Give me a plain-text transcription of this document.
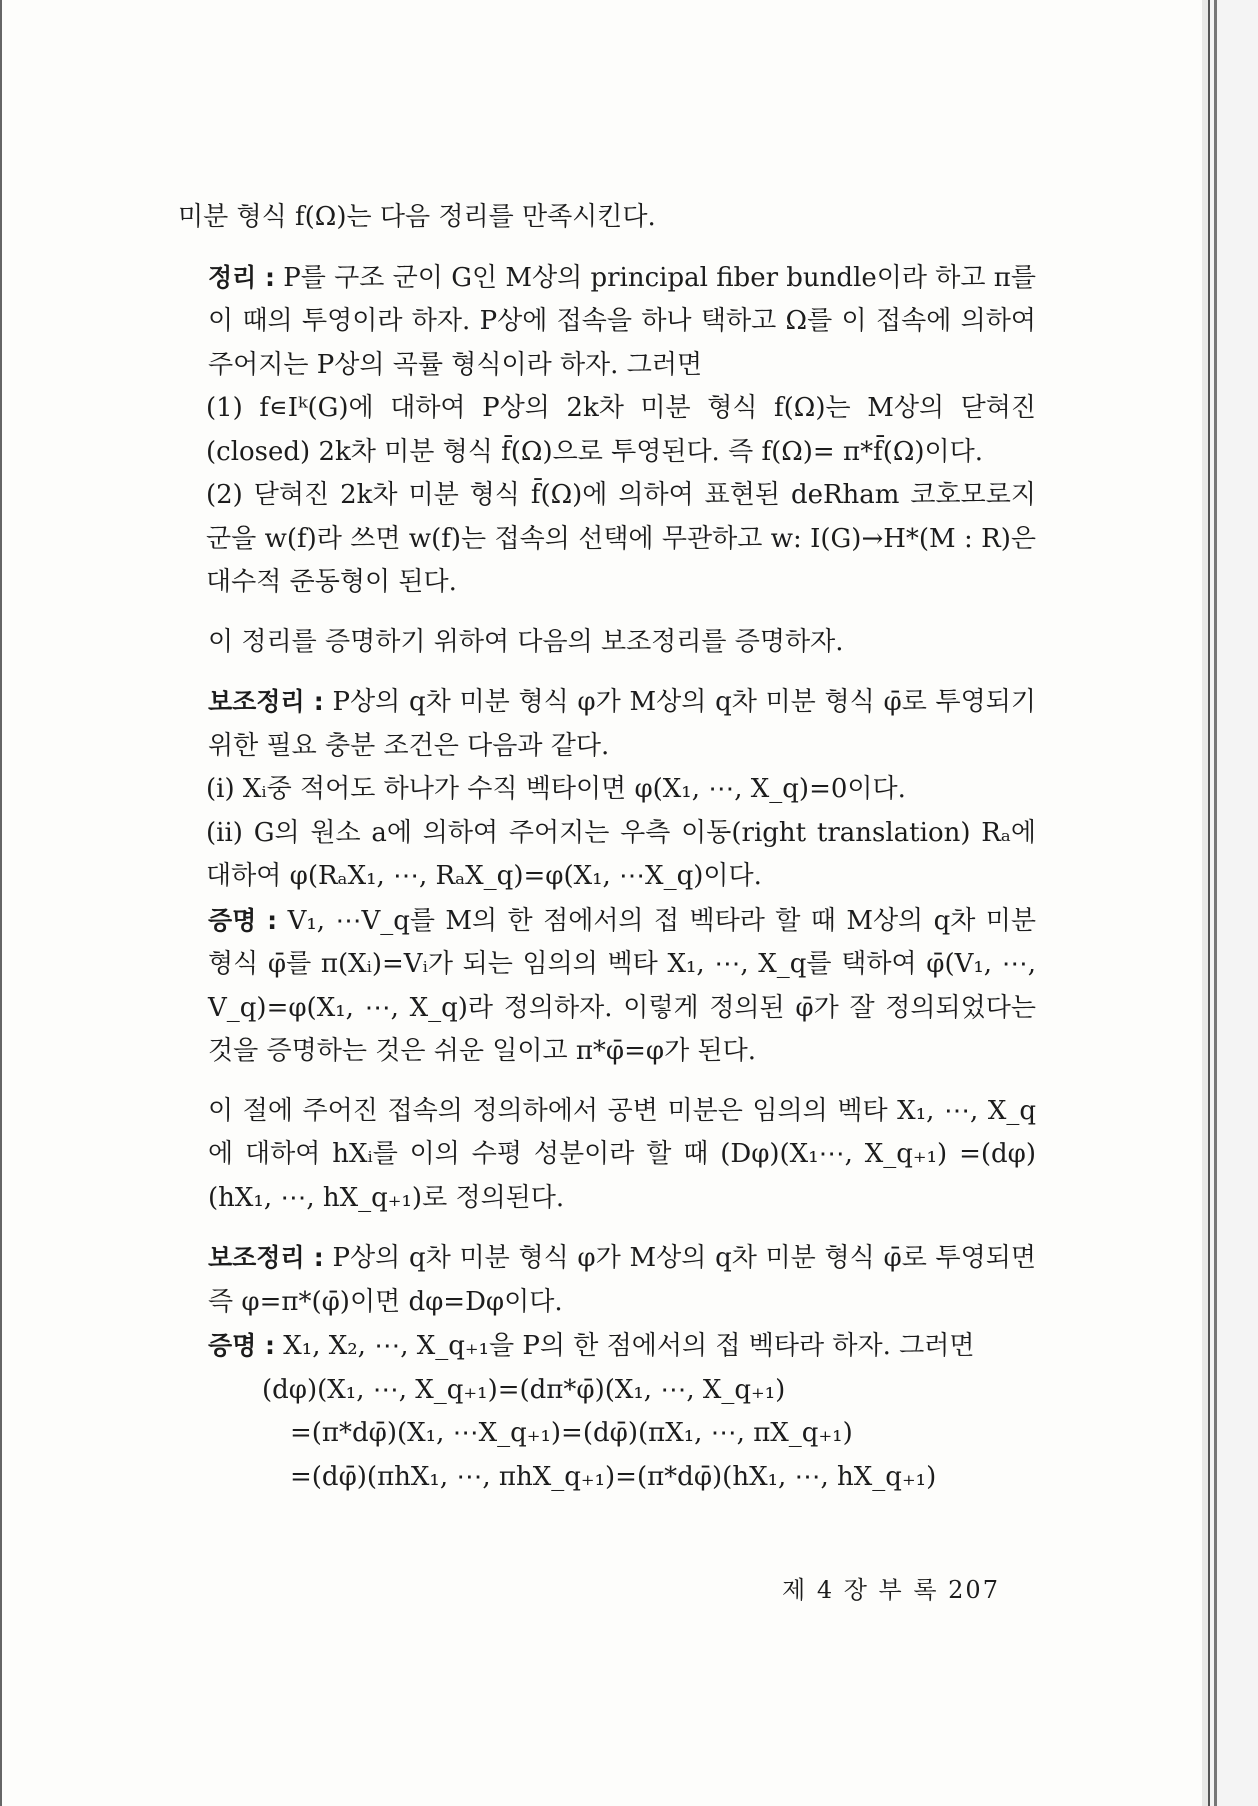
미분 형식 f(Ω)는 다음 정리를 만족시킨다.

정리 : P를 구조 군이 G인 M상의 principal fiber bundle이라 하고 π를 이 때의 투영이라 하자. P상에 접속을 하나 택하고 Ω를 이 접속에 의하여 주어지는 P상의 곡률 형식이라 하자. 그러면

(1) f∊Iᵏ(G)에 대하여 P상의 2k차 미분 형식 f(Ω)는 M상의 닫혀진(closed) 2k차 미분 형식 f̄(Ω)으로 투영된다. 즉 f(Ω)= π*f̄(Ω)이다.

(2) 닫혀진 2k차 미분 형식 f̄(Ω)에 의하여 표현된 deRham 코호모로지 군을 w(f)라 쓰면 w(f)는 접속의 선택에 무관하고 w: I(G)→H*(M : R)은 대수적 준동형이 된다.

이 정리를 증명하기 위하여 다음의 보조정리를 증명하자.

보조정리 : P상의 q차 미분 형식 φ가 M상의 q차 미분 형식 φ̄로 투영되기 위한 필요 충분 조건은 다음과 같다.

(i) Xᵢ중 적어도 하나가 수직 벡타이면 φ(X₁, ⋯, X_q)=0이다.

(ii) G의 원소 a에 의하여 주어지는 우측 이동(right translation) Rₐ에 대하여 φ(RₐX₁, ⋯, RₐX_q)=φ(X₁, ⋯X_q)이다.

증명 : V₁, ⋯V_q를 M의 한 점에서의 접 벡타라 할 때 M상의 q차 미분 형식 φ̄를 π(Xᵢ)=Vᵢ가 되는 임의의 벡타 X₁, ⋯, X_q를 택하여 φ̄(V₁, ⋯, V_q)=φ(X₁, ⋯, X_q)라 정의하자. 이렇게 정의된 φ̄가 잘 정의되었다는 것을 증명하는 것은 쉬운 일이고 π*φ̄=φ가 된다.

이 절에 주어진 접속의 정의하에서 공변 미분은 임의의 벡타 X₁, ⋯, X_q에 대하여 hXᵢ를 이의 수평 성분이라 할 때 (Dφ)(X₁⋯, X_q₊₁) =(dφ)(hX₁, ⋯, hX_q₊₁)로 정의된다.

보조정리 : P상의 q차 미분 형식 φ가 M상의 q차 미분 형식 φ̄로 투영되면 즉 φ=π*(φ̄)이면 dφ=Dφ이다.

증명 : X₁, X₂, ⋯, X_q₊₁을 P의 한 점에서의 접 벡타라 하자. 그러면

(dφ)(X₁, ⋯, X_q₊₁)=(dπ*φ̄)(X₁, ⋯, X_q₊₁)

=(π*dφ̄)(X₁, ⋯X_q₊₁)=(dφ̄)(πX₁, ⋯, πX_q₊₁)

=(dφ̄)(πhX₁, ⋯, πhX_q₊₁)=(π*dφ̄)(hX₁, ⋯, hX_q₊₁)

제 4 장 부 록 207
